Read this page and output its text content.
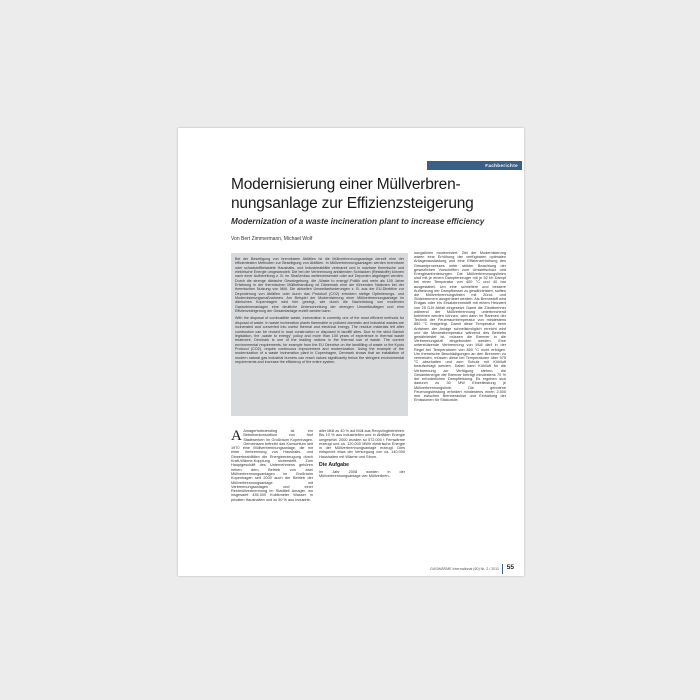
Fachberichte
Modernisierung einer Müllverbrennungsanlage zur Effizienzsteigerung
Modernization of a waste incineration plant to increase efficiency
Von Bert Zimmermann, Michael Wolf

Bei der Beseitigung von brennbaren Abfällen ist die Müllverbrennungsanlage derzeit eine der effizientesten Methoden zur Beseitigung von Abfällen. In Müllverbrennungsanlagen werden brennbare oder schadstoffbelastete Haushalts- und Industrieabfälle verbrannt und in nutzbare thermische und elektrische Energie umgewandelt. Die bei der Verbrennung anfallenden Schlacken (Reststoffe) können nach einer Aufbereitung z. B. im Straßenbau weiterverwendet oder auf Deponien abgelagert werden. Durch die strenge dänische Gesetzgebung, die „Waste to energy“-Politik und mehr als 100 Jahre Erfahrung in der thermischen Müllbehandlung ist Dänemark eine der führenden Nationen bei der thermischen Nutzung von Müll. Die aktuellen Umweltanforderungen z. B. aus der EU-Direktive zur Deponierung von Abfällen oder durch das Protokoll (CO2) erfordern stetige Optimierungs- und Modernisierungsmaßnahmen. Am Beispiel der Modernisierung einer Müllverbrennungsanlage im dänischen Kopenhagen wird hier gezeigt, wie durch die Nachrüstung von modernen Gasturbinenanlagen eine deutliche Unterschreitung der strengen Umweltauflagen und eine Effizienzsteigerung der Gesamtanlage erzielt werden kann.

With the disposal of combustible waste, incineration is currently one of the most efficient methods for disposal of waste. In waste incineration plants flammable or polluted domestic and industrial wastes are incinerated and converted into useful thermal and electrical energy. The residue materials left after combustion can be reused in road construction or disposed in landfill sites. Due to the strict Danish legislation, the „waste to energy“ policy and more than 100 years of experience in thermal waste treatment, Denmark is one of the leading nations in the thermal use of waste. The current environmental requirements, for example from the EU Directive on the landfilling of waste or the Kyoto Protocol (CO2), require continuous improvement and modernization. Using the example of the modernization of a waste incineration plant in Copenhagen, Denmark shows that an installation of modern natural gas industrial burners can reach values significantly below the stringent environmental requirements and increase the efficiency of the entire system.

nungslinien modernisiert. Ziel der Modernisierung waren eine Erhöhung der verfügbaren optimalen Anlagenauslastung und eine Effizienzerhöhung des Gesamtprozesses unter strikter Beachtung der gesetzlichen Vorschriften zum Umweltschutz und Energieanforderungen. Die Müllverbrennungslinien sind mit je einem Dampferzeuger mit je 52 t/h Dampf bei einer Temperatur von 400 °C und 40 bar ausgestattet. Um eine schnellere und bessere Aufheizung der Dampfkessel zu gewährleisten, sollten die Müllverbrennungslinien mit Zünd- und Stützbrennern ausgerüstet werden. Als Brennstoff wird Erdgas oder ein Ersatzbrennstoff mit einem Heizwert von 25 GJ/t Abfall eingesetzt. Damit die Zündbrenner während der Müllverbrennung unterbrechend betrieben werden können, wird dann im Rahmen der Technik der Feuerraumtemperatur von mindestens 850 °C festgelegt. Damit diese Temperatur beim Anfahren der Anlage schnellstmöglich erreicht wird und die Mindesttemperatur während des Betriebs gewährleistet ist, müssen die Brenner in die Verbrennungsluft eingebunden werden. Eine unterstützende Verbrennung von Müll darf in der Regel bei Temperaturen von 850 °C nicht erfolgen. Um thermische Beschädigungen an den Brennern zu vermeiden, müssen diese bei Temperaturen über 975 °C abschalten und zum Schutz mit Kühlluft beaufschlagt werden. Dabei kann Kühlluft für die Verbrennung zur Verfügung stehen, die Gesamtenergie der Brenner beträgt mindestens 70 % der erforderlichen Dampfleistung. Es ergeben sich dadurch zu 30 MW Einzelleistung je Müllverbrennungslinie. Die gebotene Feuerungsleistung erfordert mindestens einen 2.500 mm zwischen Brennerachse und Einhaltung der Emissionen für Stickoxide.

A Amagerforbrænding ist ein Betreiberkonsortium von fünf Stadtwerken im Großraum Kopenhagen. Gemeinsam betreibt das Konsortium seit 1970 eine Müllverbrennungsanlage, die mit einer Verbrennung von Haushalts- und Gewerbeabfällen die Energieerzeugung durch Kraft-Wärme-Kopplung sicherstellt. Zum Hauptgeschäft des Unternehmens gehören neben dem Betrieb von zwei Müllverbrennungsanlagen im Großraum Kopenhagen seit 2000 auch der Betrieb der Müllverbrennungsanlage mit Verbrennungsanlagen und einer Restmüllverbrennung im Stadtteil Amager, wo insgesamt 435.000 Kubikmeter Wasser in privaten Haushalten und zu 50 % aus Industrie-

aller Müll zu 40 % auf Müll aus Recyclingbetrieben. Bis 10 % aus industriellen und in Abfällen Energie umgesetzt. 2000 wurden so 572.000 t Fernwärme erzeugt und ca. 120.000 MWh elektrische Energie in der Müllverbrennungsanlage erzeugt. Dies entspricht etwa der Versorgung von ca. 140.000 Haushalten mit Wärme und Strom.

Die Aufgabe

Im Jahr 2008 wurden in der Müllverbrennungsanlage vier Müllverbren-

GASWÄRME International (60) Nr. 2 / 2011 55
